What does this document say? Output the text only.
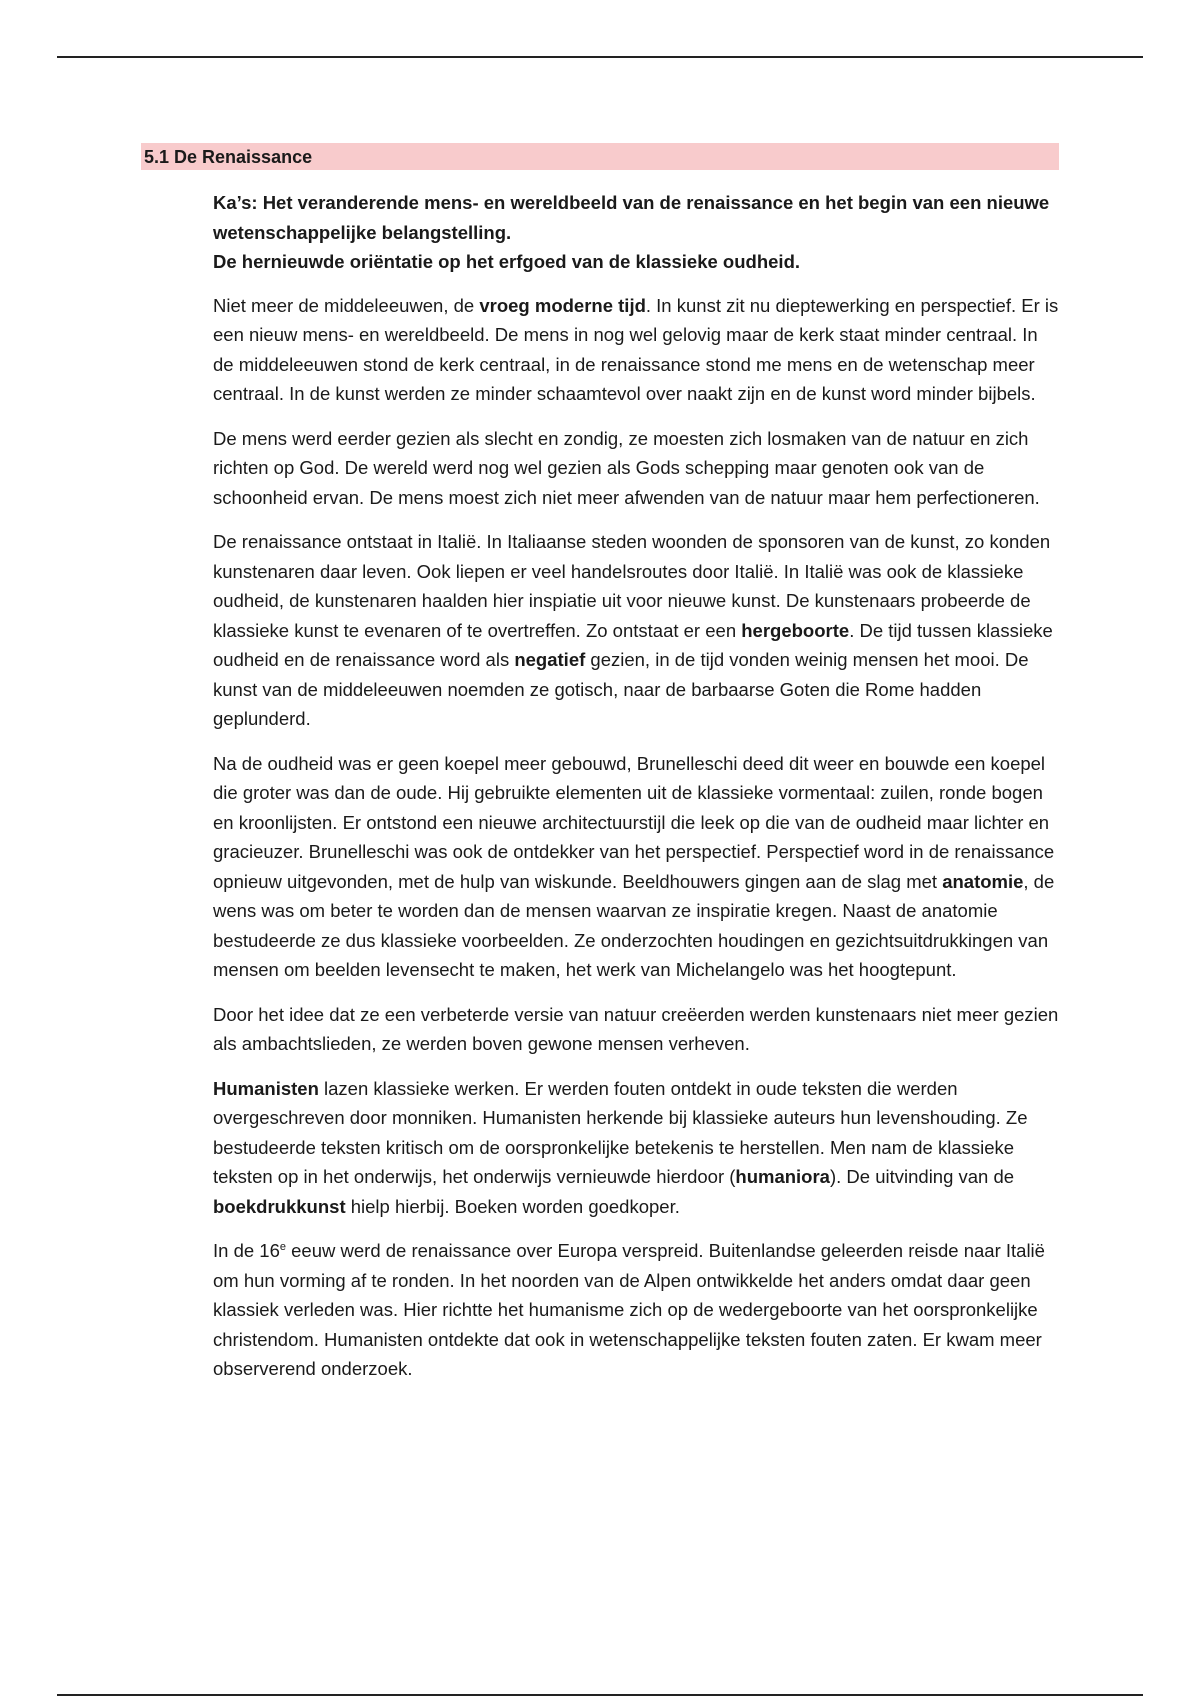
5.1 De Renaissance
Ka’s: Het veranderende mens- en wereldbeeld van de renaissance en het begin van een nieuwe wetenschappelijke belangstelling.
De hernieuwde oriëntatie op het erfgoed van de klassieke oudheid.

Niet meer de middeleeuwen, de vroeg moderne tijd. In kunst zit nu dieptewerking en perspectief. Er is een nieuw mens- en wereldbeeld. De mens in nog wel gelovig maar de kerk staat minder centraal. In de middeleeuwen stond de kerk centraal, in de renaissance stond me mens en de wetenschap meer centraal. In de kunst werden ze minder schaamtevol over naakt zijn en de kunst word minder bijbels.

De mens werd eerder gezien als slecht en zondig, ze moesten zich losmaken van de natuur en zich richten op God. De wereld werd nog wel gezien als Gods schepping maar genoten ook van de schoonheid ervan. De mens moest zich niet meer afwenden van de natuur maar hem perfectioneren.

De renaissance ontstaat in Italië. In Italiaanse steden woonden de sponsoren van de kunst, zo konden kunstenaren daar leven. Ook liepen er veel handelsroutes door Italië. In Italië was ook de klassieke oudheid, de kunstenaren haalden hier inspiatie uit voor nieuwe kunst. De kunstenaars probeerde de klassieke kunst te evenaren of te overtreffen. Zo ontstaat er een hergeboorte. De tijd tussen klassieke oudheid en de renaissance word als negatief gezien, in de tijd vonden weinig mensen het mooi. De kunst van de middeleeuwen noemden ze gotisch, naar de barbaarse Goten die Rome hadden geplunderd.

Na de oudheid was er geen koepel meer gebouwd, Brunelleschi deed dit weer en bouwde een koepel die groter was dan de oude. Hij gebruikte elementen uit de klassieke vormentaal: zuilen, ronde bogen en kroonlijsten. Er ontstond een nieuwe architectuurstijl die leek op die van de oudheid maar lichter en gracieuzer. Brunelleschi was ook de ontdekker van het perspectief. Perspectief word in de renaissance opnieuw uitgevonden, met de hulp van wiskunde. Beeldhouwers gingen aan de slag met anatomie, de wens was om beter te worden dan de mensen waarvan ze inspiratie kregen. Naast de anatomie bestudeerde ze dus klassieke voorbeelden. Ze onderzochten houdingen en gezichtsuitdrukkingen van mensen om beelden levensecht te maken, het werk van Michelangelo was het hoogtepunt.

Door het idee dat ze een verbeterde versie van natuur creëerden werden kunstenaars niet meer gezien als ambachtslieden, ze werden boven gewone mensen verheven.

Humanisten lazen klassieke werken. Er werden fouten ontdekt in oude teksten die werden overgeschreven door monniken. Humanisten herkende bij klassieke auteurs hun levenshouding. Ze bestudeerde teksten kritisch om de oorspronkelijke betekenis te herstellen. Men nam de klassieke teksten op in het onderwijs, het onderwijs vernieuwde hierdoor (humaniora). De uitvinding van de boekdrukkunst hielp hierbij. Boeken worden goedkoper.

In de 16e eeuw werd de renaissance over Europa verspreid. Buitenlandse geleerden reisde naar Italië om hun vorming af te ronden. In het noorden van de Alpen ontwikkelde het anders omdat daar geen klassiek verleden was. Hier richtte het humanisme zich op de wedergeboorte van het oorspronkelijke christendom. Humanisten ontdekte dat ook in wetenschappelijke teksten fouten zaten. Er kwam meer observerend onderzoek.
